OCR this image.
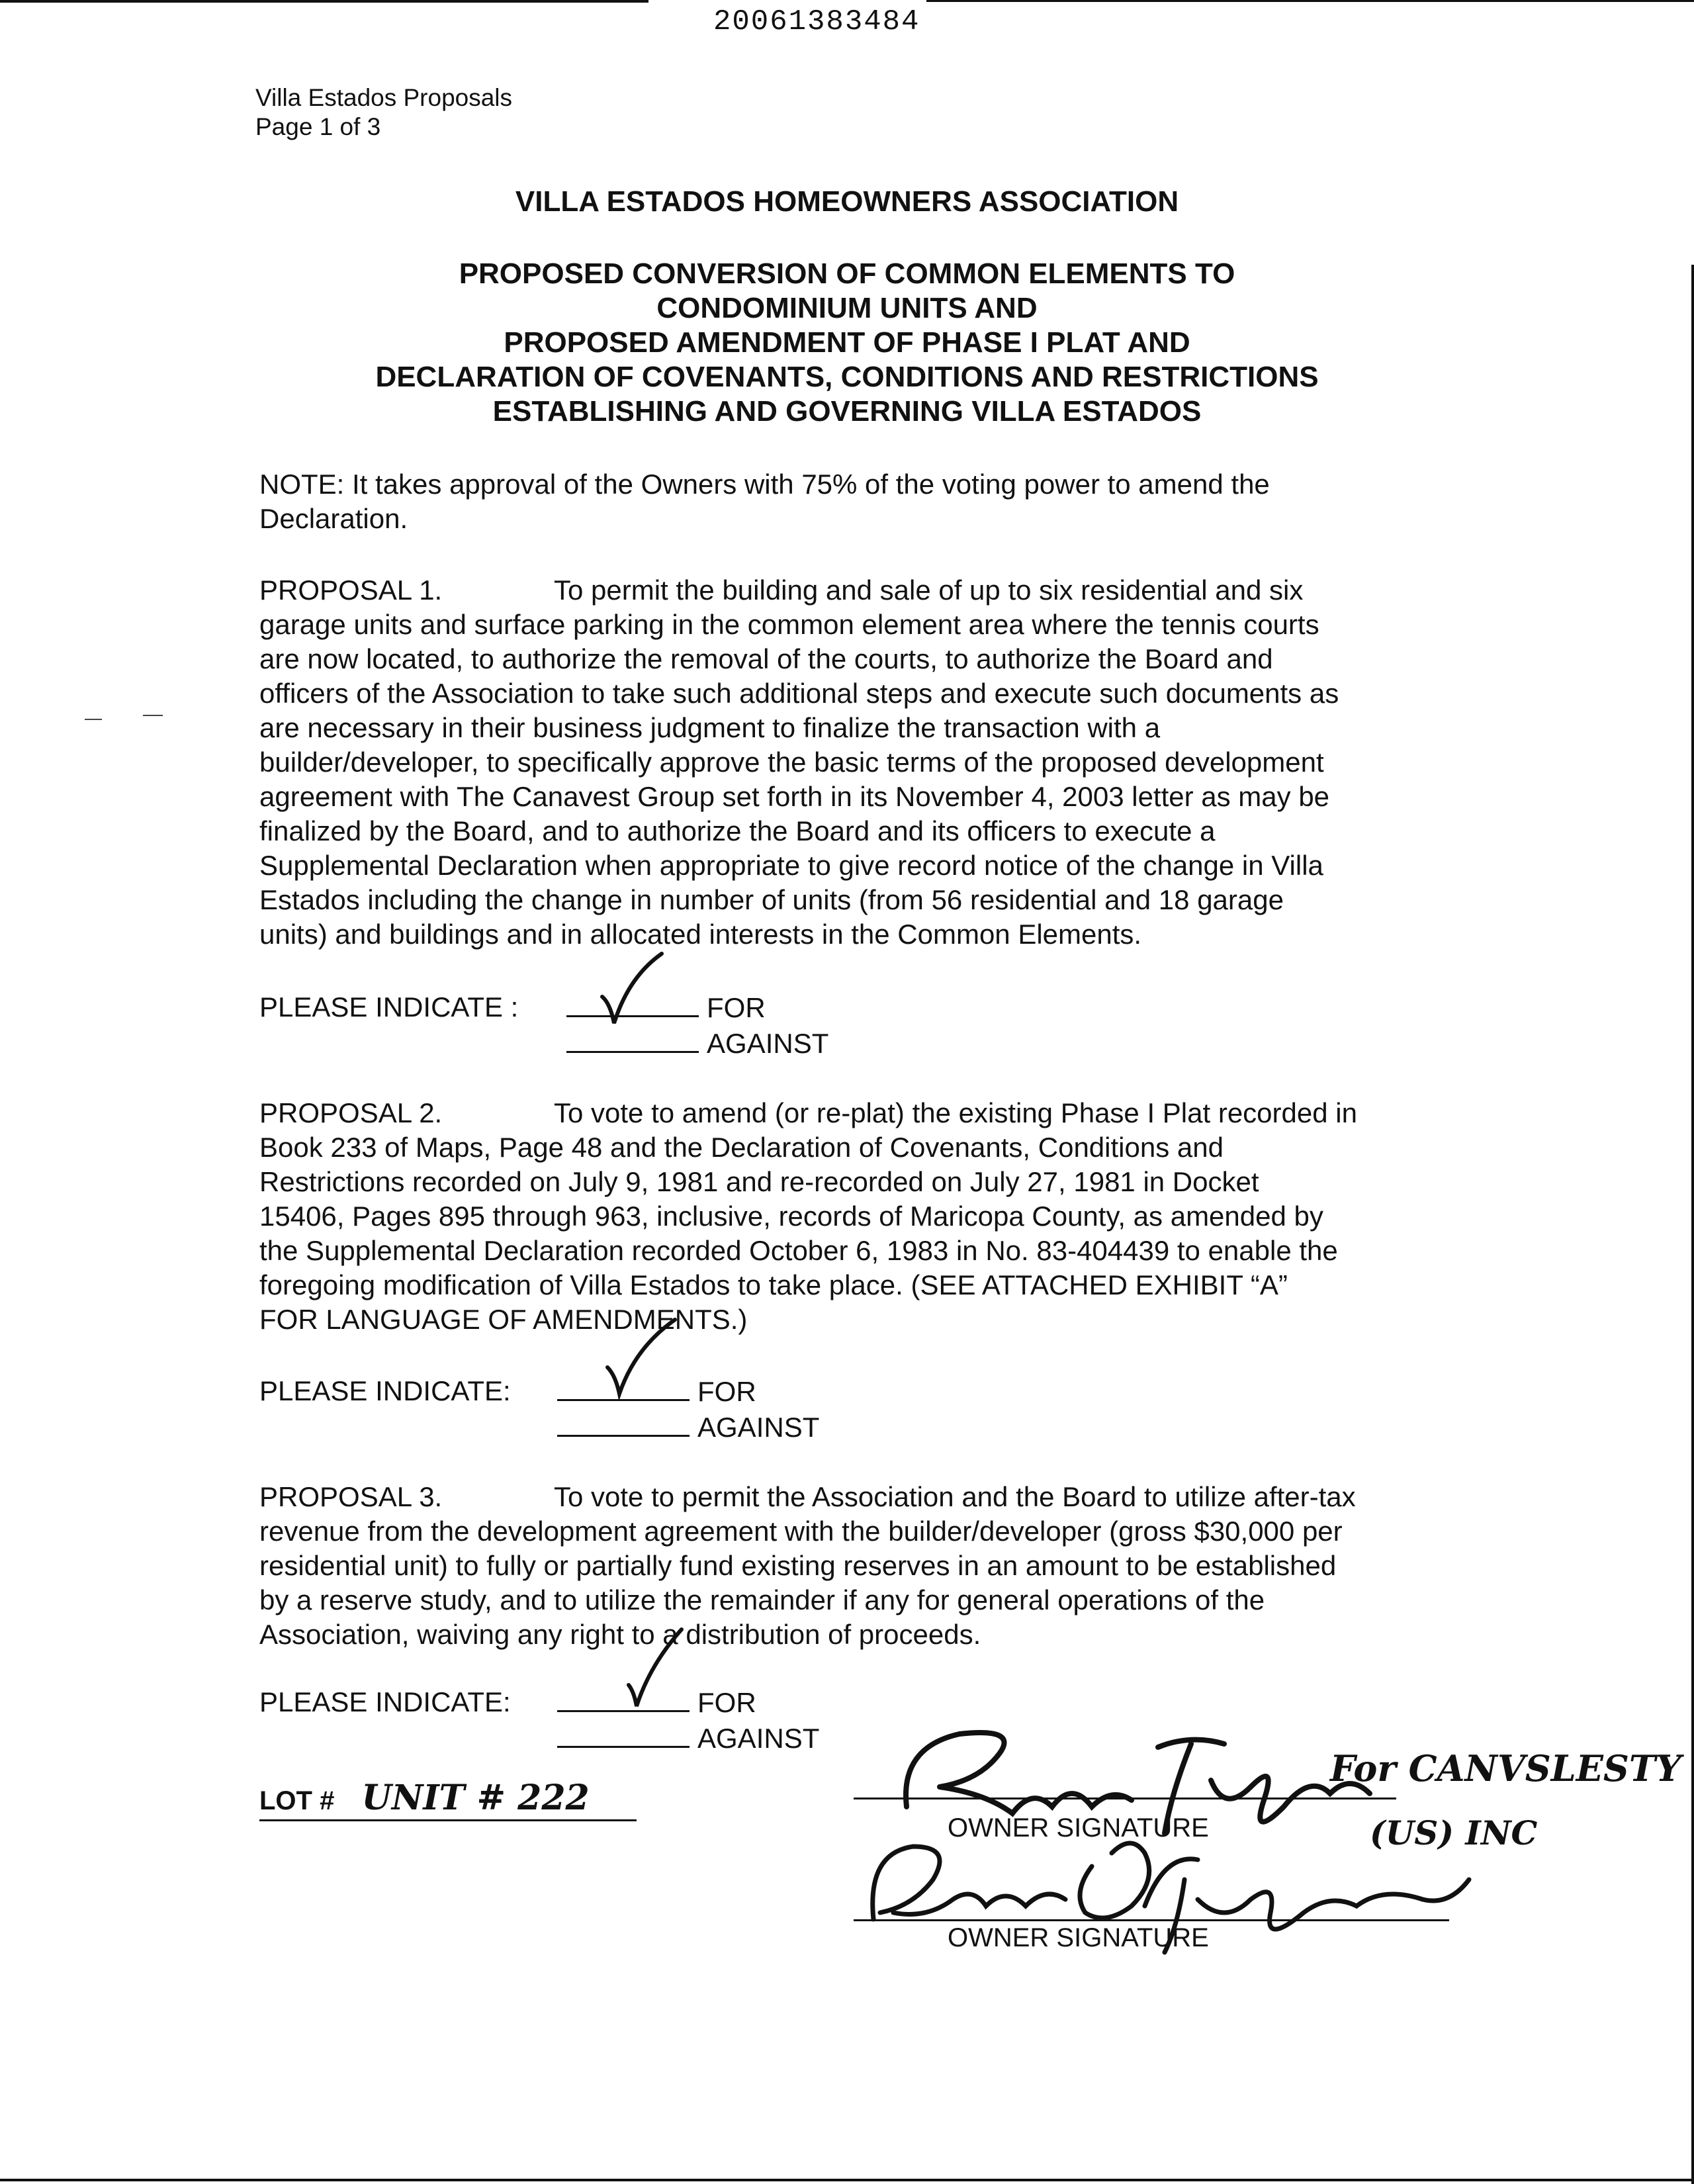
20061383484
Villa Estados Proposals
Page 1 of 3
VILLA ESTADOS HOMEOWNERS ASSOCIATION
PROPOSED CONVERSION OF COMMON ELEMENTS TO
CONDOMINIUM UNITS AND
PROPOSED AMENDMENT OF PHASE I PLAT AND
DECLARATION OF COVENANTS, CONDITIONS AND RESTRICTIONS
ESTABLISHING AND GOVERNING VILLA ESTADOS

NOTE: It takes approval of the Owners with 75% of the voting power to amend the

Declaration.

PROPOSAL 1.	To permit the building and sale of up to six residential and six

garage units and surface parking in the common element area where the tennis courts

are now located, to authorize the removal of the courts, to authorize the Board and

officers of the Association to take such additional steps and execute such documents as

are necessary in their business judgment to finalize the transaction with a

builder/developer, to specifically approve the basic terms of the proposed development

agreement with The Canavest Group set forth in its November 4, 2003 letter as may be

finalized by the Board, and to authorize the Board and its officers to execute a

Supplemental Declaration when appropriate to give record notice of the change in Villa

Estados including the change in number of units (from 56 residential and 18 garage

units) and buildings and in allocated interests in the Common Elements.

PLEASE INDICATE :	FOR
AGAINST

PROPOSAL 2.	To vote to amend (or re-plat) the existing Phase I Plat recorded in

Book 233 of Maps, Page 48 and the Declaration of Covenants, Conditions and

Restrictions recorded on July 9, 1981 and re-recorded on July 27, 1981 in Docket

15406, Pages 895 through 963, inclusive, records of Maricopa County, as amended by

the Supplemental Declaration recorded October 6, 1983 in No. 83-404439 to enable the

foregoing modification of Villa Estados to take place. (SEE ATTACHED EXHIBIT “A”

FOR LANGUAGE OF AMENDMENTS.)

PLEASE INDICATE:	FOR
AGAINST

PROPOSAL 3.	To vote to permit the Association and the Board to utilize after-tax

revenue from the development agreement with the builder/developer (gross $30,000 per

residential unit) to fully or partially fund existing reserves in an amount to be established

by a reserve study, and to utilize the remainder if any for general operations of the

Association, waiving any right to a distribution of proceeds.

PLEASE INDICATE:	FOR
AGAINST
LOT # UNIT # 222
For CANVSLESTY
(US) INC
OWNER SIGNATURE
OWNER SIGNATURE
